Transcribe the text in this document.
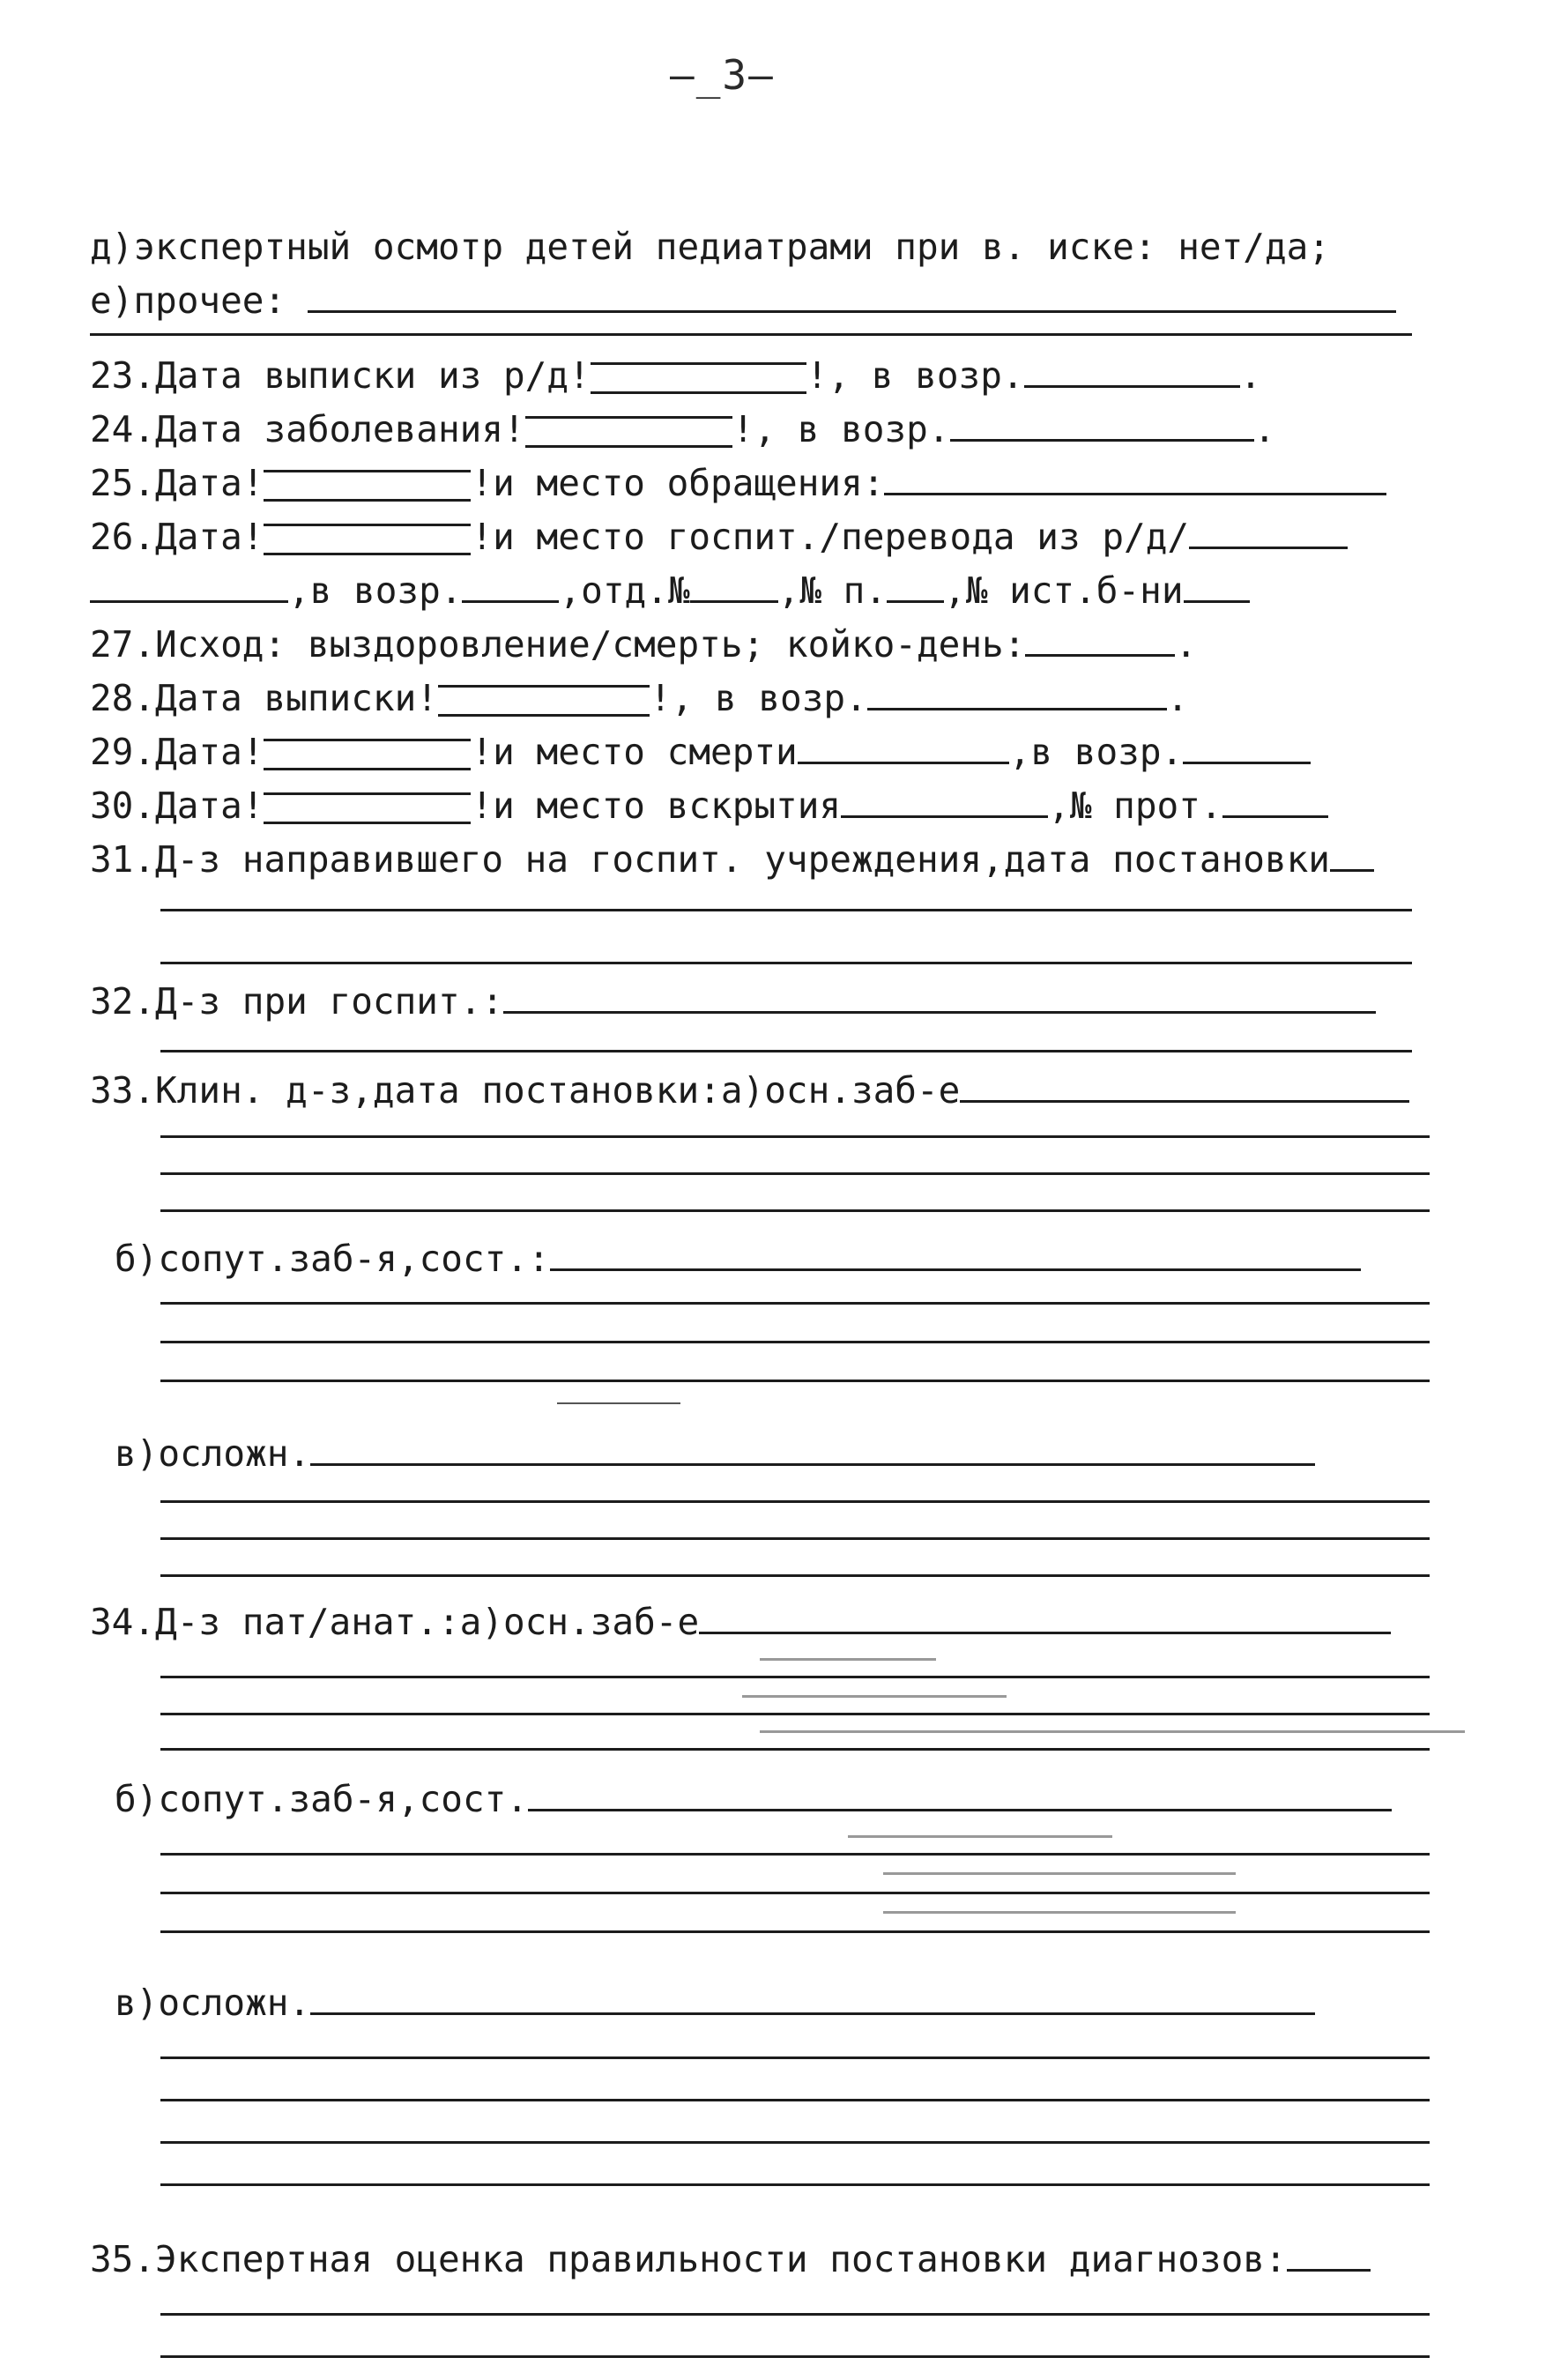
–_3–
д)экспертный осмотр детей педиатрами при в. иске: нет/да;
е)прочее:
23.Дата выписки из р/д!	!, в возр.	.
24.Дата заболевания!	!, в возр.	.
25.Дата!	!и место обращения:
26.Дата!	!и место госпит./перевода из р/д/
,в возр.	,отд.№ ,№ п. ,№ ист.б-ни
27.Исход: выздоровление/смерть; койко-день:	.
28.Дата выписки!	!, в возр.	.
29.Дата!	!и место смерти	,в возр.
30.Дата!	!и место вскрытия	,№ прот.
31.Д-з направившего на госпит. учреждения,дата постановки
32.Д-з при госпит.:
33.Клин. д-з,дата постановки:а)осн.заб-е
б)сопут.заб-я,сост.:
в)осложн.
34.Д-з пат/анат.:а)осн.заб-е
б)сопут.заб-я,сост.
в)осложн.
35.Экспертная оценка правильности постановки диагнозов:
